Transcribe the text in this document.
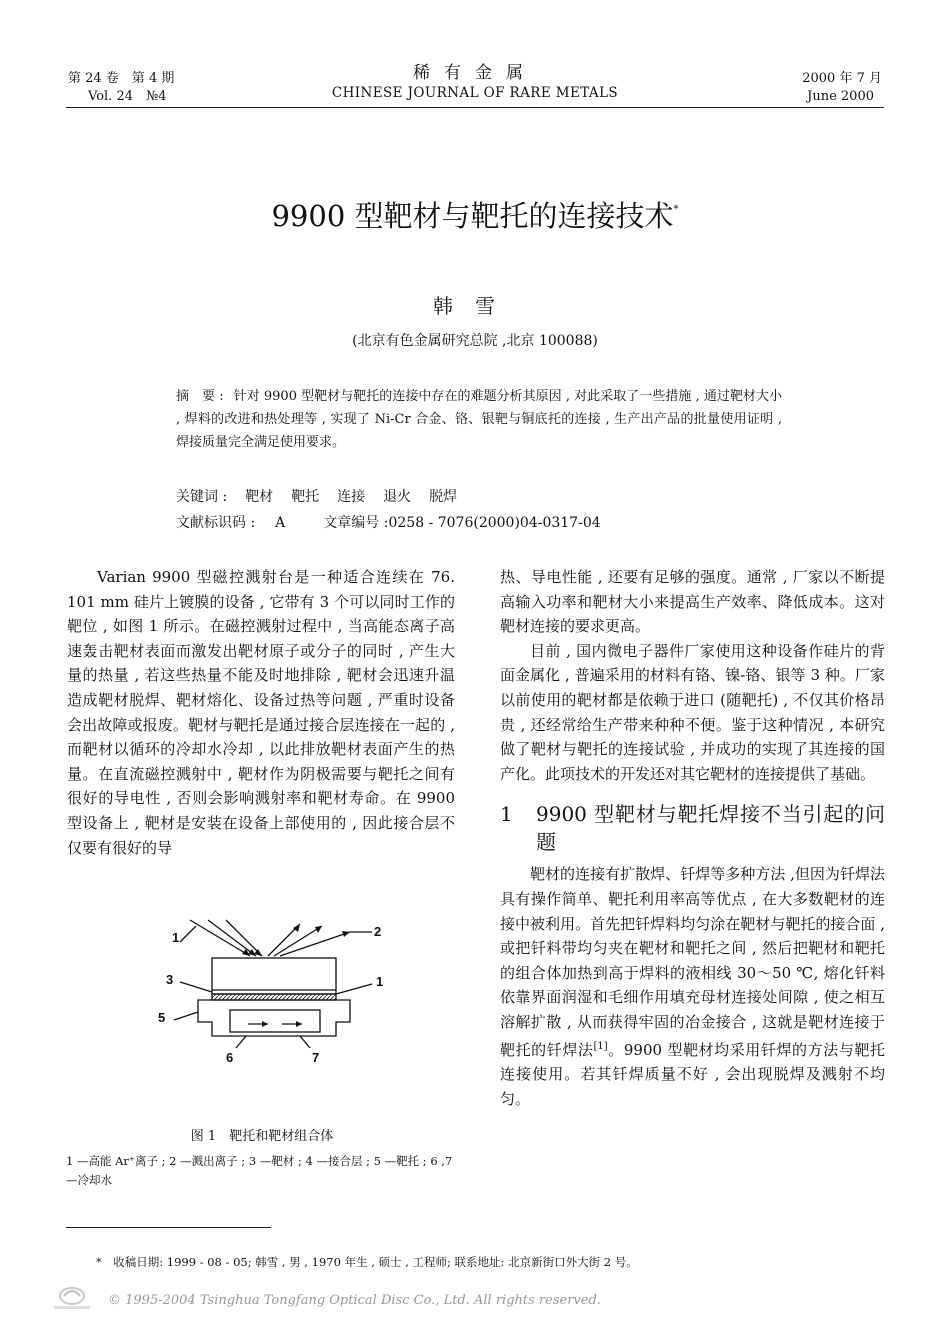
第 24 卷　第 4 期
Vol. 24　№4
稀有金属
CHINESE JOURNAL OF RARE METALS
2000 年 7 月
June 2000
9900 型靶材与靶托的连接技术*
韩雪
(北京有色金属研究总院 ,北京 100088)
摘　要 : 针对 9900 型靶材与靶托的连接中存在的难题分析其原因 , 对此采取了一些措施 , 通过靶材大小 , 焊料的改进和热处理等 , 实现了 Ni-Cr 合金、铬、银靶与铜底托的连接 , 生产出产品的批量使用证明 , 焊接质量完全满足使用要求。
关键词 : 靶材 靶托 连接 退火 脱焊
文献标识码 : A	文章编号 :0258 - 7076(2000)04-0317-04

Varian 9900 型磁控溅射台是一种适合连续在 76. 101 mm 硅片上镀膜的设备 , 它带有 3 个可以同时工作的靶位 , 如图 1 所示。在磁控溅射过程中 , 当高能态离子高速轰击靶材表面而激发出靶材原子或分子的同时 , 产生大量的热量 , 若这些热量不能及时地排除 , 靶材会迅速升温造成靶材脱焊、靶材熔化、设备过热等问题 , 严重时设备会出故障或报废。靶材与靶托是通过接合层连接在一起的 , 而靶材以循环的冷却水冷却 , 以此排放靶材表面产生的热量。在直流磁控溅射中 , 靶材作为阴极需要与靶托之间有很好的导电性 , 否则会影响溅射率和靶材寿命。在 9900 型设备上 , 靶材是安装在设备上部使用的 , 因此接合层不仅要有很好的导

1	2
3	1
5
6	7
图 1　靶托和靶材组合体
1 —高能 Ar⁺离子 ; 2 —溅出离子 ; 3 —靶材 ; 4 —接合层 ; 5 —靶托 ; 6 ,7 —冷却水

热、导电性能 , 还要有足够的强度。通常 , 厂家以不断提高输入功率和靶材大小来提高生产效率、降低成本。这对靶材连接的要求更高。

目前 , 国内微电子器件厂家使用这种设备作硅片的背面金属化 , 普遍采用的材料有铬、镍-铬、银等 3 种。厂家以前使用的靶材都是依赖于进口 (随靶托) , 不仅其价格昂贵 , 还经常给生产带来种种不便。鉴于这种情况 , 本研究做了靶材与靶托的连接试验 , 并成功的实现了其连接的国产化。此项技术的开发还对其它靶材的连接提供了基础。

1	9900 型靶材与靶托焊接不当引起的问题

靶材的连接有扩散焊、钎焊等多种方法 ,但因为钎焊法具有操作简单、靶托利用率高等优点 , 在大多数靶材的连接中被利用。首先把钎焊料均匀涂在靶材与靶托的接合面 , 或把钎料带均匀夹在靶材和靶托之间 , 然后把靶材和靶托的组合体加热到高于焊料的液相线 30～50 ℃, 熔化钎料依靠界面润湿和毛细作用填充母材连接处间隙 , 使之相互溶解扩散 , 从而获得牢固的冶金接合 , 这就是靶材连接于靶托的钎焊法[1]。9900 型靶材均采用钎焊的方法与靶托连接使用。若其钎焊质量不好 , 会出现脱焊及溅射不均匀。

*　收稿日期: 1999 - 08 - 05; 韩雪 , 男 , 1970 年生 , 硕士 , 工程师; 联系地址: 北京新街口外大街 2 号。
© 1995-2004 Tsinghua Tongfang Optical Disc Co., Ltd. All rights reserved.
